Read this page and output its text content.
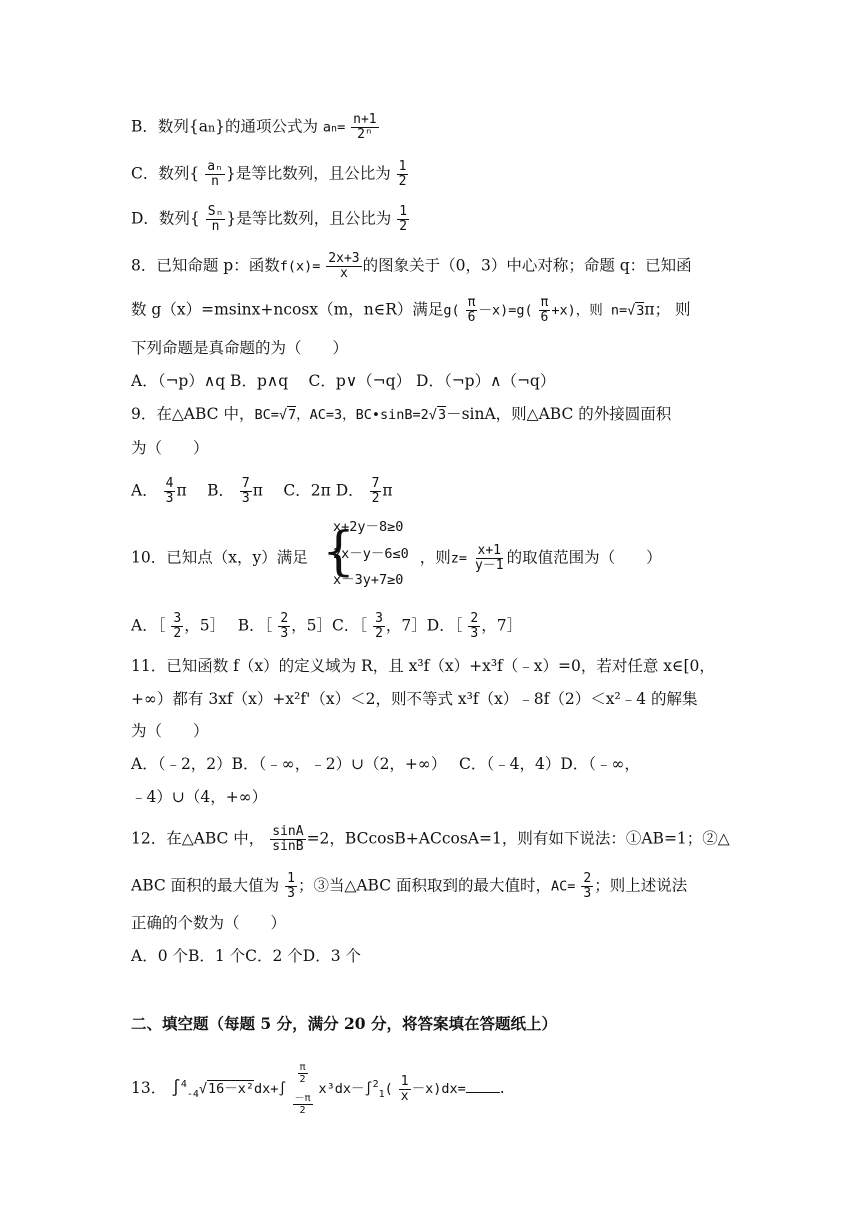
B．数列{an}的通项公式为 $an= \frac{n+1}{\text{2ⁿ}}$
C．数列{ $\frac{\text{aₙ}}{n}$ }是等比数列，且公比为 $\frac{1}{2}$
D．数列{ $\frac{\text{Sₙ}}{n}$ }是等比数列，且公比为 $\frac{1}{2}$
8．已知命题 p：函数$f(x)= \frac{2x+3}{x}$ 的图象关于（0，3）中心对称；命题 q：已知函
数 g（x）=msinx+ncosx（m，n∈R）满足$g( \frac{\pi}{6} -x)=g( \frac{\pi}{6} +x)$，则 n=√3π； 则
下列命题是真命题的为（　　）
A．（¬p）∧q B．p∧q　 C．p∨（¬q） D．（¬p）∧（¬q）
9．在△ABC 中，BC=√7，AC=3，BC•sinB=2√3－sinA，则△ABC 的外接圆面积
为（　　）
A． $\frac{4}{3}$ π　 B． $\frac{7}{3}$ π　 C．2π D． $\frac{7}{2}$ π
10．已知点（x，y）满足	，则$z= \frac{x+1}{y-1}$ 的取值范围为（　　）
{
x+2y－8≥0
2x－y－6≤0
x－3y+7≥0
A．［ $\frac{3}{2}$ ，5］　 B．［ $\frac{2}{3}$ ，5］C．［ $\frac{3}{2}$ ，7］D．［ $\frac{2}{3}$ ，7］
11．已知函数 f（x）的定义域为 R，且 x³f（x）+x³f（﹣x）=0，若对任意 x∈[0，
+∞）都有 3xf（x）+x²f'（x）＜2，则不等式 x³f（x）﹣8f（2）＜x²﹣4 的解集
为（　　）
A．（﹣2，2）B．（﹣∞，﹣2）∪（2，+∞）　 C．（﹣4，4）D．（﹣∞，
﹣4）∪（4，+∞）
12．在△ABC 中， $\frac{\sin A}{\sin B} =2$，BCcosB+ACcosA=1，则有如下说法：①AB=1；②△
ABC 面积的最大值为 $\frac{1}{3}$ ；③当△ABC 面积取到的最大值时，$AC= \frac{2}{3}$ ；则上述说法
正确的个数为（　　）
A．0 个B．1 个C．2 个D．3 个
二、填空题（每题 5 分，满分 20 分，将答案填在答题纸上）
13． ∫$^4_{-4}$√16－x²dx+∫
$\frac{\pi}{2}$
$\frac{-\pi}{2}$
$x^3dx-\int^2_1( \frac{1}{x} -x)dx=$ .
